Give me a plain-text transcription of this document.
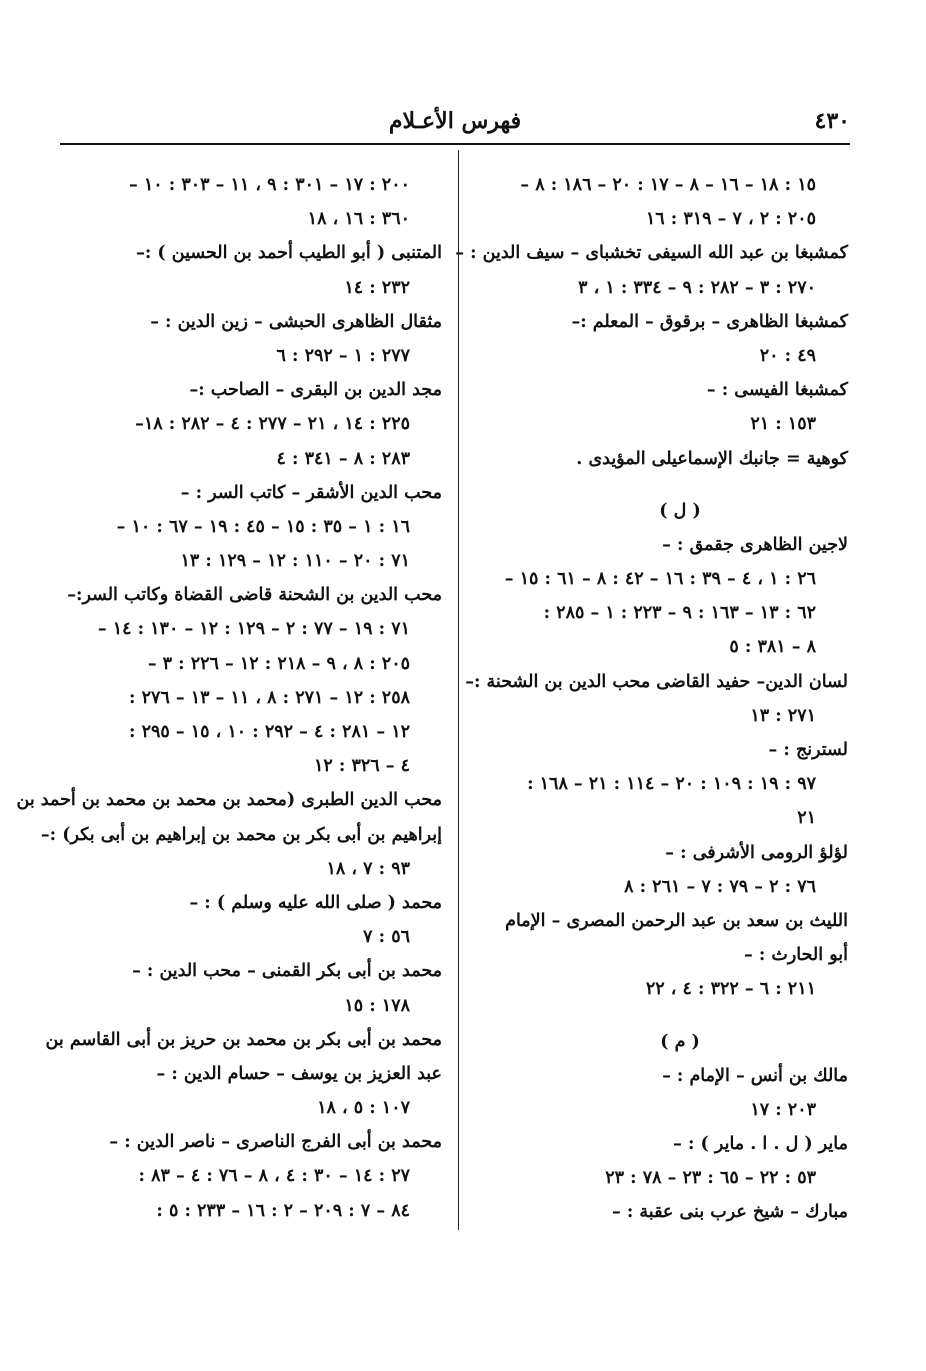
٤٣٠
فهرس الأعـلام
١٥ : ١٨ – ١٦ – ٨ – ١٧ : ٢٠ – ١٨٦ : ٨ –
٢٠٥ : ٢ ، ٧ – ٣١٩ : ١٦
كمشبغا بن عبد الله السيفى تخشباى – سيف الدين : –
٢٧٠ : ٣ – ٢٨٢ : ٩ – ٣٣٤ : ١ ، ٣
كمشبغا الظاهرى – برقوق – المعلم :–
٤٩ : ٢٠
كمشبغا الفيسى : –
١٥٣ : ٢١
كوهية = جانبك الإسماعيلى المؤيدى .
( ل )
لاجين الظاهرى جقمق : –
٢٦ : ١ ، ٤ – ٣٩ : ١٦ – ٤٢ : ٨ – ٦١ : ١٥ –
٦٢ : ١٣ – ١٦٣ : ٩ – ٢٢٣ : ١ – ٢٨٥ :
٨ – ٣٨١ : ٥
لسان الدين– حفيد القاضى محب الدين بن الشحنة :–
٢٧١ : ١٣
لسترنج : –
٩٧ : ١٩ : ١٠٩ : ٢٠ – ١١٤ : ٢١ – ١٦٨ :
٢١
لؤلؤ الرومى الأشرفى : –
٧٦ : ٢ – ٧٩ : ٧ – ٢٦١ : ٨
الليث بن سعد بن عبد الرحمن المصرى – الإمام
أبو الحارث : –
٢١١ : ٦ – ٣٢٢ : ٤ ، ٢٢
( م )
مالك بن أنس – الإمام : –
٢٠٣ : ١٧
ماير ( ل . ا . ماير ) : –
٥٣ : ٢٢ – ٦٥ : ٢٣ – ٧٨ : ٢٣
مبارك – شيخ عرب بنى عقبة : –
٢٠٠ : ١٧ – ٣٠١ : ٩ ، ١١ – ٣٠٣ : ١٠ –
٣٦٠ : ١٦ ، ١٨
المتنبى ( أبو الطيب أحمد بن الحسين ) :–
٢٣٢ : ١٤
مثقال الظاهرى الحبشى – زين الدين : –
٢٧٧ : ١ – ٢٩٢ : ٦
مجد الدين بن البقرى – الصاحب :–
٢٢٥ : ١٤ ، ٢١ – ٢٧٧ : ٤ – ٢٨٢ : ١٨–
٢٨٣ : ٨ – ٣٤١ : ٤
محب الدين الأشقر – كاتب السر : –
١٦ : ١ – ٣٥ : ١٥ – ٤٥ : ١٩ – ٦٧ : ١٠ –
٧١ : ٢٠ – ١١٠ : ١٢ – ١٢٩ : ١٣
محب الدين بن الشحنة قاضى القضاة وكاتب السر:–
٧١ : ١٩ – ٧٧ : ٢ – ١٢٩ : ١٢ – ١٣٠ : ١٤ –
٢٠٥ : ٨ ، ٩ – ٢١٨ : ١٢ – ٢٢٦ : ٣ –
٢٥٨ : ١٢ – ٢٧١ : ٨ ، ١١ – ١٣ – ٢٧٦ :
١٢ – ٢٨١ : ٤ – ٢٩٢ : ١٠ ، ١٥ – ٢٩٥ :
٤ – ٣٢٦ : ١٢
محب الدين الطبرى (محمد بن محمد بن محمد بن أحمد بن
إبراهيم بن أبى بكر بن محمد بن إبراهيم بن أبى بكر) :–
٩٣ : ٧ ، ١٨
محمد ( صلى الله عليه وسلم ) : –
٥٦ : ٧
محمد بن أبى بكر القمنى – محب الدين : –
١٧٨ : ١٥
محمد بن أبى بكر بن محمد بن حريز بن أبى القاسم بن
عبد العزيز بن يوسف – حسام الدين : –
١٠٧ : ٥ ، ١٨
محمد بن أبى الفرج الناصرى – ناصر الدين : –
٢٧ : ١٤ – ٣٠ : ٤ ، ٨ – ٧٦ : ٤ – ٨٣ :
٨٤ – ٧ : ٢٠٩ – ٢ : ١٦ – ٢٣٣ : ٥ :
